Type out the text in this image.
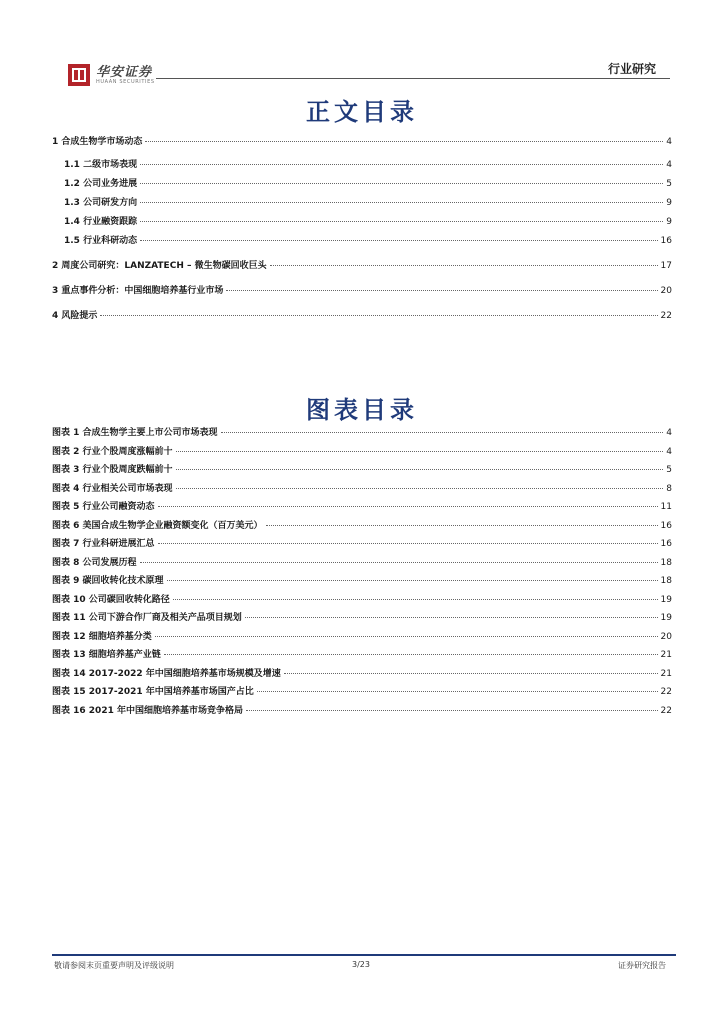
华安证券
HUAAN SECURITIES
行业研究
正文目录
1 合成生物学市场动态	4
1.1 二级市场表现	4
1.2 公司业务进展	5
1.3 公司研发方向	9
1.4 行业融资跟踪	9
1.5 行业科研动态	16
2 周度公司研究：LANZATECH – 微生物碳回收巨头	17
3 重点事件分析：中国细胞培养基行业市场	20
4 风险提示	22
图表目录
图表 1 合成生物学主要上市公司市场表现	4
图表 2 行业个股周度涨幅前十	4
图表 3 行业个股周度跌幅前十	5
图表 4 行业相关公司市场表现	8
图表 5 行业公司融资动态	11
图表 6 美国合成生物学企业融资额变化（百万美元）	16
图表 7 行业科研进展汇总	16
图表 8 公司发展历程	18
图表 9 碳回收转化技术原理	18
图表 10 公司碳回收转化路径	19
图表 11 公司下游合作厂商及相关产品项目规划	19
图表 12 细胞培养基分类	20
图表 13 细胞培养基产业链	21
图表 14 2017-2022 年中国细胞培养基市场规模及增速	21
图表 15 2017-2021 年中国培养基市场国产占比	22
图表 16 2021 年中国细胞培养基市场竞争格局	22
敬请参阅末页重要声明及评级说明	3/23	证券研究报告
